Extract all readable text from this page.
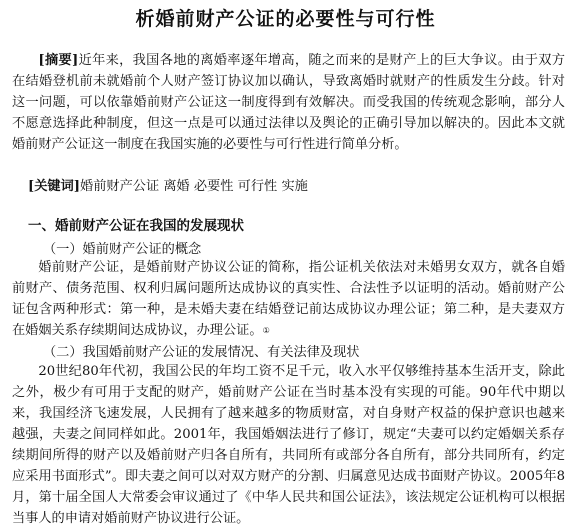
析婚前财产公证的必要性与可行性

[摘要]近年来，我国各地的离婚率逐年增高，随之而来的是财产上的巨大争议。由于双方在结婚登机前未就婚前个人财产签订协议加以确认，导致离婚时就财产的性质发生分歧。针对这一问题，可以依靠婚前财产公证这一制度得到有效解决。而受我国的传统观念影响，部分人不愿意选择此种制度，但这一点是可以通过法律以及舆论的正确引导加以解决的。因此本文就婚前财产公证这一制度在我国实施的必要性与可行性进行简单分析。

[关键词]婚前财产公证 离婚 必要性 可行性 实施

一、婚前财产公证在我国的发展现状
（一）婚前财产公证的概念

婚前财产公证，是婚前财产协议公证的简称，指公证机关依法对未婚男女双方，就各自婚前财产、债务范围、权利归属问题所达成协议的真实性、合法性予以证明的活动。婚前财产公证包含两种形式：第一种，是未婚夫妻在结婚登记前达成协议办理公证；第二种，是夫妻双方在婚姻关系存续期间达成协议，办理公证。①

（二）我国婚前财产公证的发展情况、有关法律及现状

20世纪80年代初，我国公民的年均工资不足千元，收入水平仅够维持基本生活开支，除此之外，极少有可用于支配的财产，婚前财产公证在当时基本没有实现的可能。90年代中期以来，我国经济飞速发展，人民拥有了越来越多的物质财富，对自身财产权益的保护意识也越来越强，夫妻之间同样如此。2001年，我国婚姻法进行了修订，规定“夫妻可以约定婚姻关系存续期间所得的财产以及婚前财产归各自所有，共同所有或部分各自所有，部分共同所有，约定应采用书面形式”。即夫妻之间可以对双方财产的分割、归属意见达成书面财产协议。2005年8月，第十届全国人大常委会审议通过了《中华人民共和国公证法》，该法规定公证机构可以根据当事人的申请对婚前财产协议进行公证。
